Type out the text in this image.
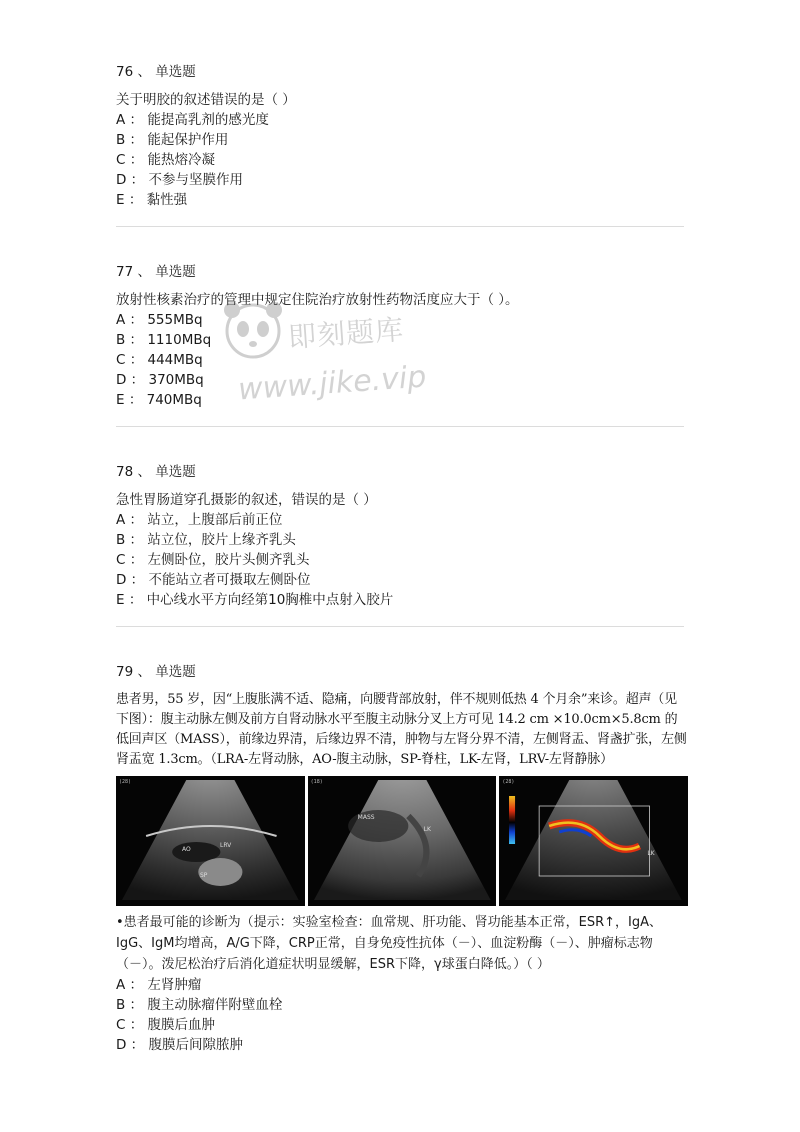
76 、 单选题
关于明胶的叙述错误的是（ ）
A ： 能提高乳剂的感光度
B ： 能起保护作用
C ： 能热熔冷凝
D ： 不参与坚膜作用
E ： 黏性强
77 、 单选题
放射性核素治疗的管理中规定住院治疗放射性药物活度应大于（ ）。
A ： 555MBq
B ： 1110MBq
C ： 444MBq
D ： 370MBq
E ： 740MBq
即刻题库
www.jike.vip
78 、 单选题
急性胃肠道穿孔摄影的叙述，错误的是（ ）
A ： 站立，上腹部后前正位
B ： 站立位，胶片上缘齐乳头
C ： 左侧卧位，胶片头侧齐乳头
D ： 不能站立者可摄取左侧卧位
E ： 中心线水平方向经第10胸椎中点射入胶片
79 、 单选题
患者男，55 岁，因“上腹胀满不适、隐痛，向腰背部放射，伴不规则低热 4 个月余”来诊。超声（见下图）：腹主动脉左侧及前方自肾动脉水平至腹主动脉分叉上方可见 14.2 cm ×10.0cm×5.8cm 的低回声区（MASS），前缘边界清，后缘边界不清，肿物与左肾分界不清，左侧肾盂、肾盏扩张，左侧肾盂宽 1.3cm。（LRA-左肾动脉，AO-腹主动脉，SP-脊柱，LK-左肾，LRV-左肾静脉）
(28)
AO
LRV
SP
(18)
MASS
LK
(28)
LK
•患者最可能的诊断为（提示：实验室检查：血常规、肝功能、肾功能基本正常，ESR↑，IgA、IgG、IgM均增高，A/G下降，CRP正常，自身免疫性抗体（－）、血淀粉酶（－）、肿瘤标志物（－）。泼尼松治疗后消化道症状明显缓解，ESR下降，γ球蛋白降低。）（ ）
A ： 左肾肿瘤
B ： 腹主动脉瘤伴附壁血栓
C ： 腹膜后血肿
D ： 腹膜后间隙脓肿
